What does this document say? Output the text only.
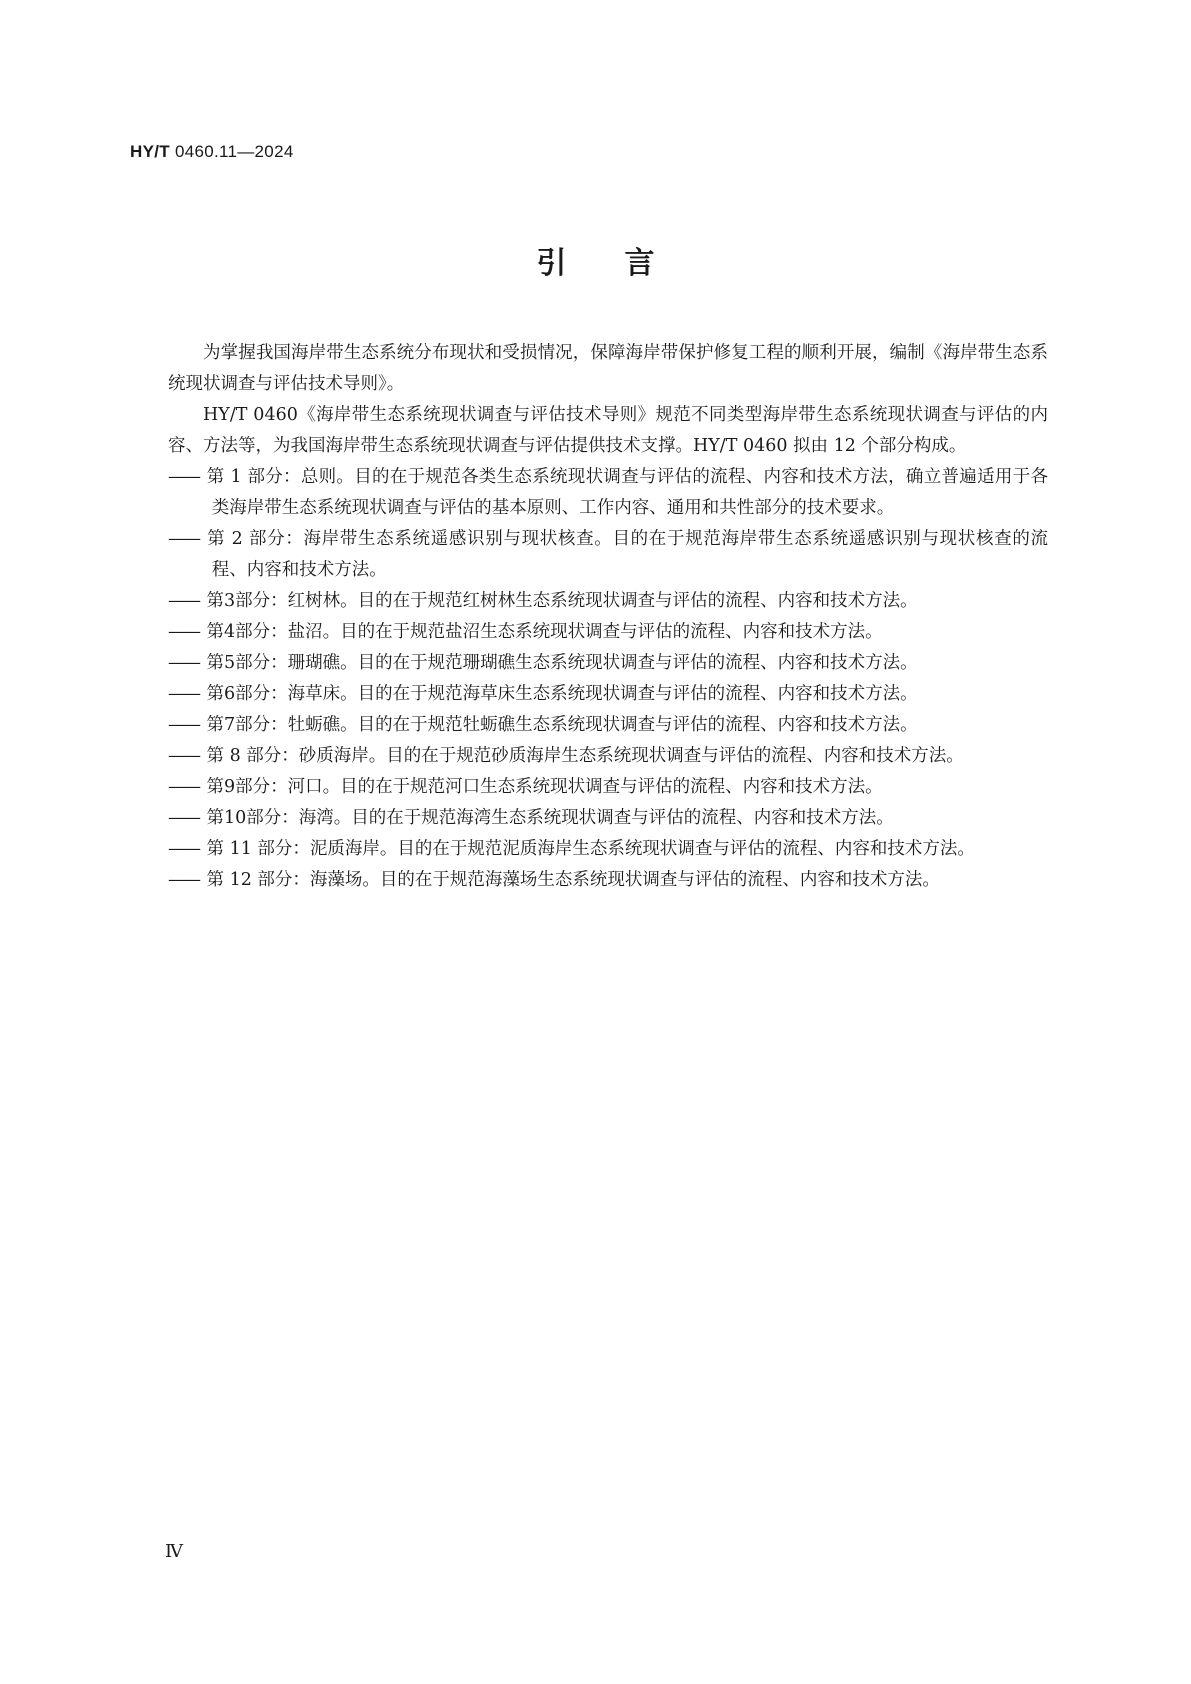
HY/T 0460.11—2024
引言

为掌握我国海岸带生态系统分布现状和受损情况，保障海岸带保护修复工程的顺利开展，编制《海岸带生态系统现状调查与评估技术导则》。

HY/T 0460《海岸带生态系统现状调查与评估技术导则》规范不同类型海岸带生态系统现状调查与评估的内容、方法等，为我国海岸带生态系统现状调查与评估提供技术支撑。HY/T 0460 拟由 12 个部分构成。

—— 第 1 部分：总则。目的在于规范各类生态系统现状调查与评估的流程、内容和技术方法，确立普遍适用于各类海岸带生态系统现状调查与评估的基本原则、工作内容、通用和共性部分的技术要求。

—— 第 2 部分：海岸带生态系统遥感识别与现状核查。目的在于规范海岸带生态系统遥感识别与现状核查的流程、内容和技术方法。

—— 第3部分：红树林。目的在于规范红树林生态系统现状调查与评估的流程、内容和技术方法。

—— 第4部分：盐沼。目的在于规范盐沼生态系统现状调查与评估的流程、内容和技术方法。

—— 第5部分：珊瑚礁。目的在于规范珊瑚礁生态系统现状调查与评估的流程、内容和技术方法。

—— 第6部分：海草床。目的在于规范海草床生态系统现状调查与评估的流程、内容和技术方法。

—— 第7部分：牡蛎礁。目的在于规范牡蛎礁生态系统现状调查与评估的流程、内容和技术方法。

—— 第 8 部分：砂质海岸。目的在于规范砂质海岸生态系统现状调查与评估的流程、内容和技术方法。

—— 第9部分：河口。目的在于规范河口生态系统现状调查与评估的流程、内容和技术方法。

—— 第10部分：海湾。目的在于规范海湾生态系统现状调查与评估的流程、内容和技术方法。

—— 第 11 部分：泥质海岸。目的在于规范泥质海岸生态系统现状调查与评估的流程、内容和技术方法。

—— 第 12 部分：海藻场。目的在于规范海藻场生态系统现状调查与评估的流程、内容和技术方法。

Ⅳ
